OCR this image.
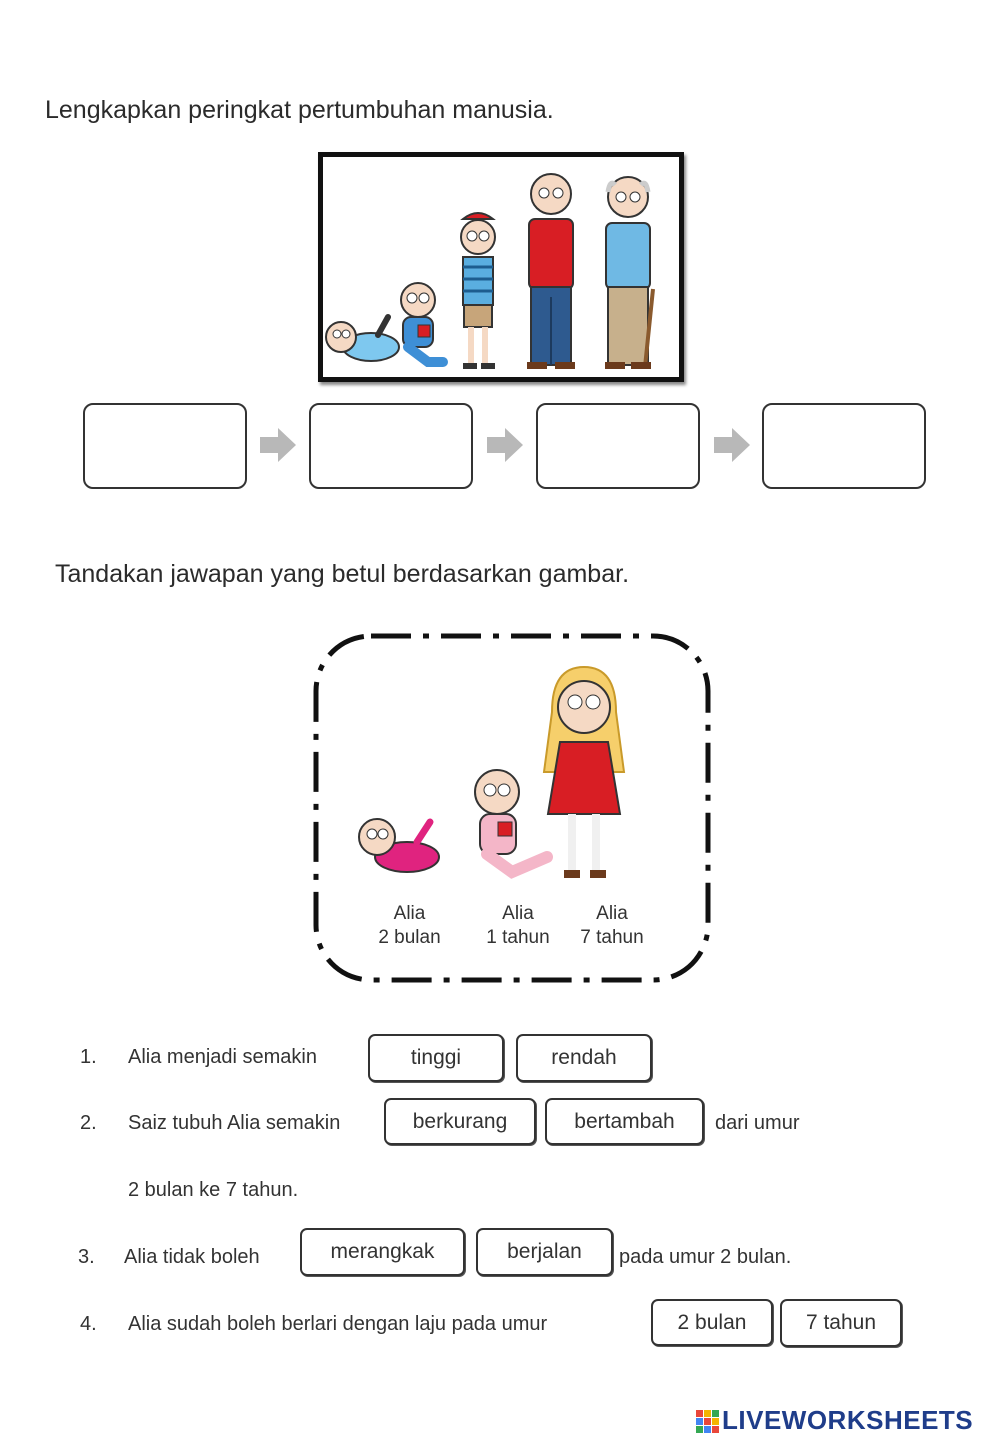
Lengkapkan peringkat pertumbuhan manusia.
Tandakan jawapan yang betul berdasarkan gambar.
Alia
2 bulan
Alia
1 tahun
Alia
7 tahun
1. Alia menjadi semakin	tinggi	rendah
2. Saiz tubuh Alia semakin	berkurang	bertambah	dari umur
2 bulan ke 7 tahun.
3. Alia tidak boleh	merangkak	berjalan	pada umur 2 bulan.
4. Alia sudah boleh berlari dengan laju pada umur	2 bulan	7 tahun
LIVEWORKSHEETS
